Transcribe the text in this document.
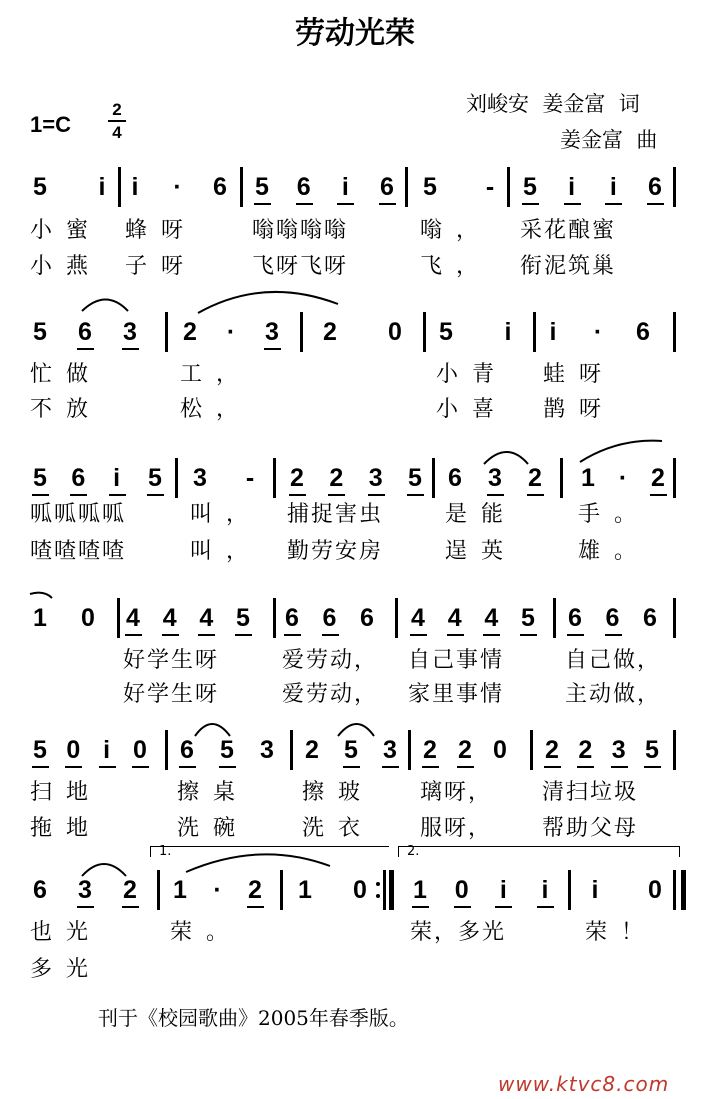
劳动光荣
刘峻安  姜金富  词
姜金富  曲
1=C
2
4
5 i i · 6 5 6 i 6 5 - 5 i i 6
小蜜 蜂呀 嗡嗡嗡嗡	嗡， 采花酿蜜
小燕 子呀 飞呀飞呀	飞， 衔泥筑巢
5 6 3 2 · 3 2 0 5 i i · 6
忙做	工，	小青 蛙呀
不放	松，	小喜 鹊呀
5 6 i 5 3 - 2 2 3 5 6 3 2 1 · 2
呱呱呱呱	叫， 捕捉害虫	是能	手。
喳喳喳喳	叫， 勤劳安房	逞英	雄。
1 0 4 4 4 5 6 6 6 4 4 4 5 6 6 6
好学生呀	爱劳动， 自己事情	自己做，
好学生呀	爱劳动， 家里事情	主动做，
5 0 i 0 6 5 3 2 5 3 2 2 0 2 2 3 5
扫地	擦桌 擦玻 璃呀， 清扫垃圾
拖地	洗碗 洗衣 服呀， 帮助父母
6 3 2 1 · 2 1 0 1 0 i i i 0
也光	荣。	荣，多光	荣！
多光
1.	2.
刊于《校园歌曲》2005年春季版。
www.ktvc8.com
